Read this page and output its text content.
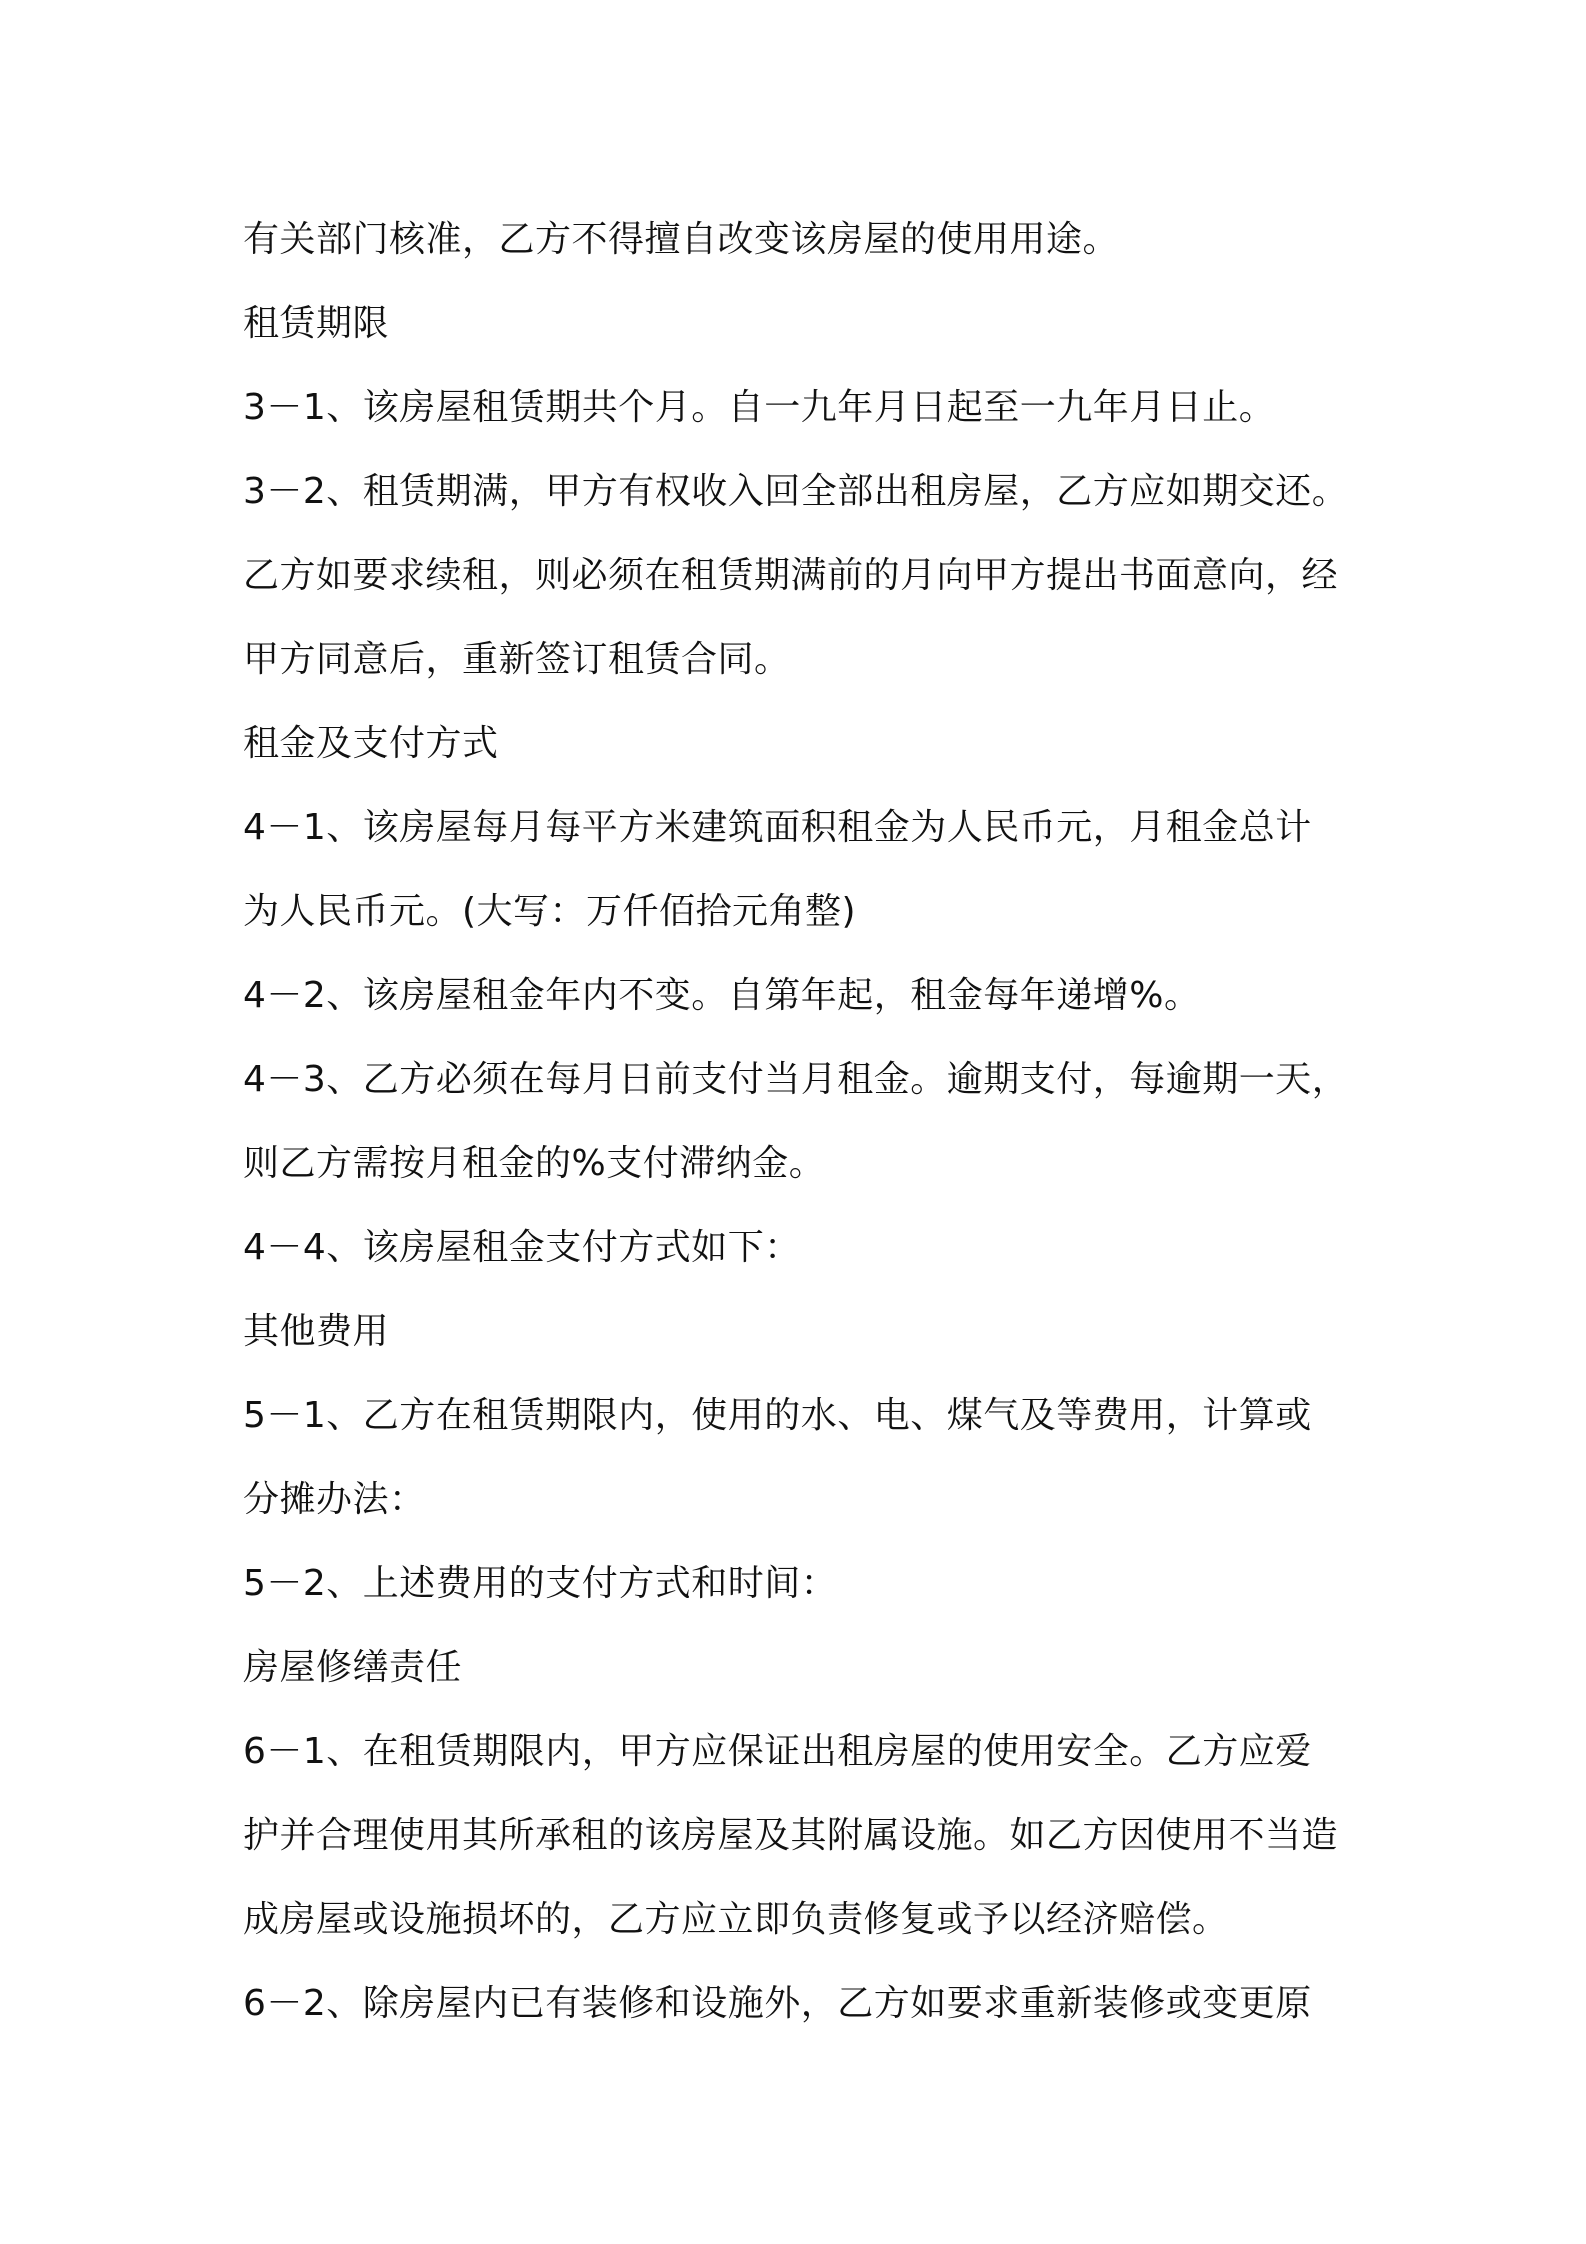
有关部门核准，乙方不得擅自改变该房屋的使用用途。
租赁期限
3－1、该房屋租赁期共个月。自一九年月日起至一九年月日止。
3－2、租赁期满，甲方有权收入回全部出租房屋，乙方应如期交还。
乙方如要求续租，则必须在租赁期满前的月向甲方提出书面意向，经
甲方同意后，重新签订租赁合同。
租金及支付方式
4－1、该房屋每月每平方米建筑面积租金为人民币元，月租金总计
为人民币元。(大写：万仟佰拾元角整)
4－2、该房屋租金年内不变。自第年起，租金每年递增%。
4－3、乙方必须在每月日前支付当月租金。逾期支付，每逾期一天，
则乙方需按月租金的%支付滞纳金。
4－4、该房屋租金支付方式如下：
其他费用
5－1、乙方在租赁期限内，使用的水、电、煤气及等费用，计算或
分摊办法：
5－2、上述费用的支付方式和时间：
房屋修缮责任
6－1、在租赁期限内，甲方应保证出租房屋的使用安全。乙方应爱
护并合理使用其所承租的该房屋及其附属设施。如乙方因使用不当造
成房屋或设施损坏的，乙方应立即负责修复或予以经济赔偿。
6－2、除房屋内已有装修和设施外，乙方如要求重新装修或变更原
